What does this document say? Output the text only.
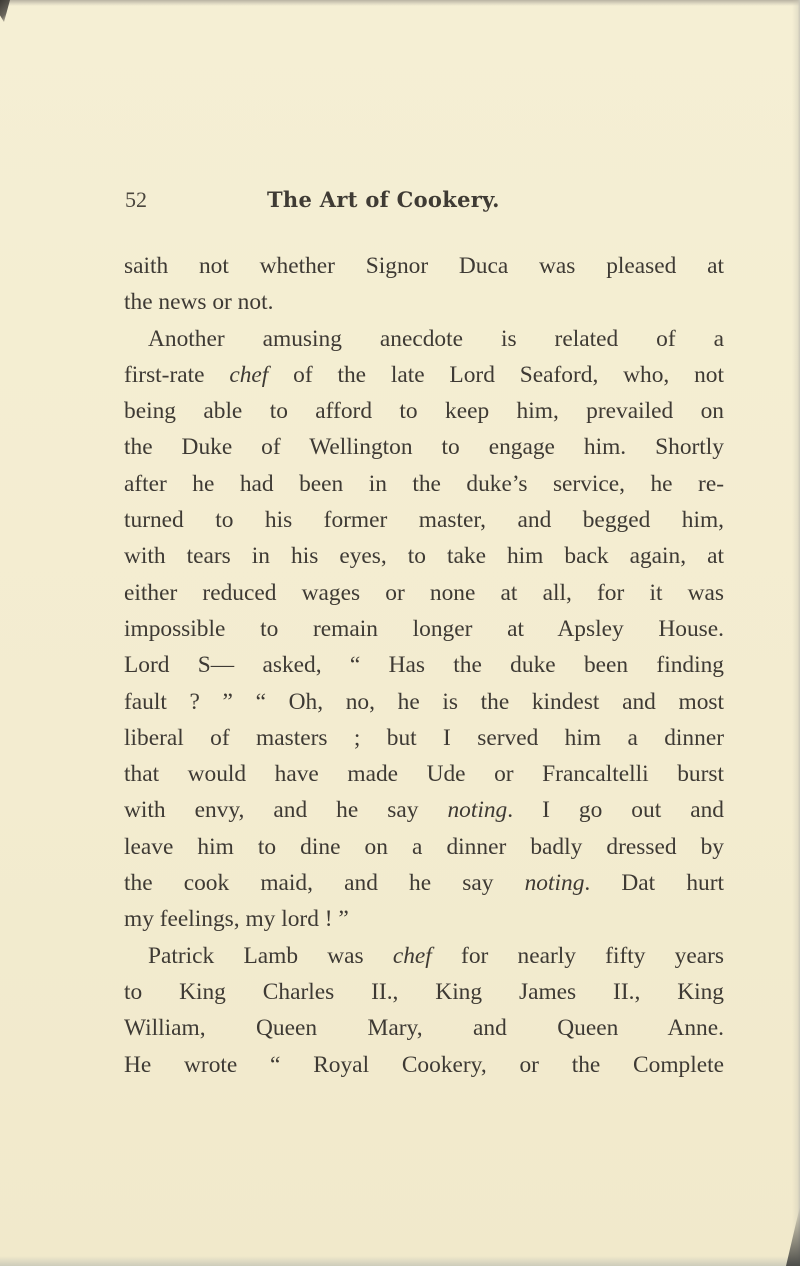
52	The Art of Cookery.
saith not whether Signor Duca was pleased at
the news or not.
Another amusing anecdote is related of a
first-rate chef of the late Lord Seaford, who, not
being able to afford to keep him, prevailed on
the Duke of Wellington to engage him. Shortly
after he had been in the duke’s service, he re-
turned to his former master, and begged him,
with tears in his eyes, to take him back again, at
either reduced wages or none at all, for it was
impossible to remain longer at Apsley House.
Lord S— asked, “ Has the duke been finding
fault ? ” “ Oh, no, he is the kindest and most
liberal of masters ; but I served him a dinner
that would have made Ude or Francaltelli burst
with envy, and he say noting. I go out and
leave him to dine on a dinner badly dressed by
the cook maid, and he say noting. Dat hurt
my feelings, my lord ! ”
Patrick Lamb was chef for nearly fifty years
to King Charles II., King James II., King
William, Queen Mary, and Queen Anne.
He wrote “ Royal Cookery, or the Complete
